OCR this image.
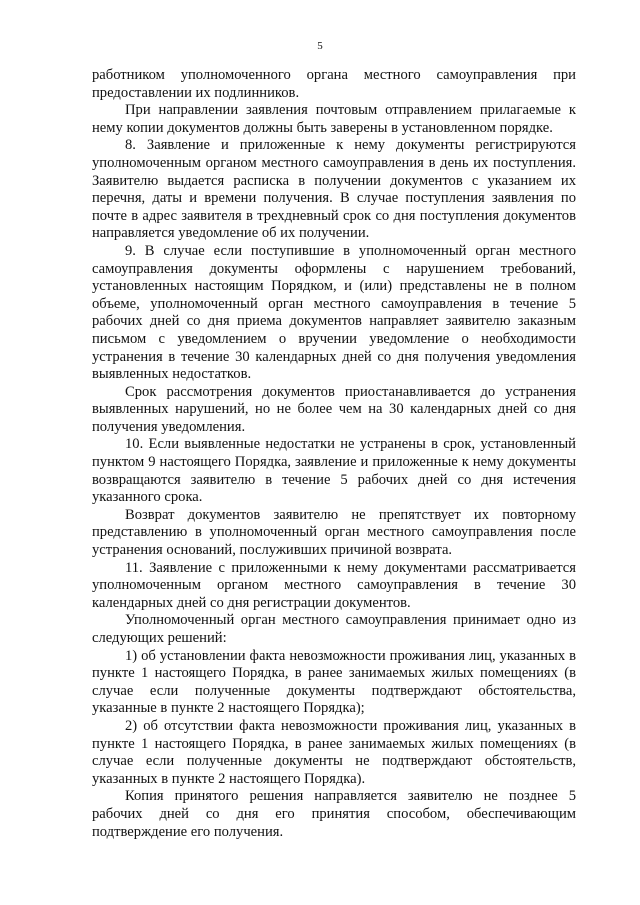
5

работником уполномоченного органа местного самоуправления при предоставлении их подлинников.

При направлении заявления почтовым отправлением прилагаемые к нему копии документов должны быть заверены в установленном порядке.

8. Заявление и приложенные к нему документы регистрируются уполномоченным органом местного самоуправления в день их поступления. Заявителю выдается расписка в получении документов с указанием их перечня, даты и времени получения. В случае поступления заявления по почте в адрес заявителя в трехдневный срок со дня поступления документов направляется уведомление об их получении.

9. В случае если поступившие в уполномоченный орган местного самоуправления документы оформлены с нарушением требований, установленных настоящим Порядком, и (или) представлены не в полном объеме, уполномоченный орган местного самоуправления в течение 5 рабочих дней со дня приема документов направляет заявителю заказным письмом с уведомлением о вручении уведомление о необходимости устранения в течение 30 календарных дней со дня получения уведомления выявленных недостатков.

Срок рассмотрения документов приостанавливается до устранения выявленных нарушений, но не более чем на 30 календарных дней со дня получения уведомления.

10. Если выявленные недостатки не устранены в срок, установленный пунктом 9 настоящего Порядка, заявление и приложенные к нему документы возвращаются заявителю в течение 5 рабочих дней со дня истечения указанного срока.

Возврат документов заявителю не препятствует их повторному представлению в уполномоченный орган местного самоуправления после устранения оснований, послуживших причиной возврата.

11. Заявление с приложенными к нему документами рассматривается уполномоченным органом местного самоуправления в течение 30 календарных дней со дня регистрации документов.

Уполномоченный орган местного самоуправления принимает одно из следующих решений:

1) об установлении факта невозможности проживания лиц, указанных в пункте 1 настоящего Порядка, в ранее занимаемых жилых помещениях (в случае если полученные документы подтверждают обстоятельства, указанные в пункте 2 настоящего Порядка);

2) об отсутствии факта невозможности проживания лиц, указанных в пункте 1 настоящего Порядка, в ранее занимаемых жилых помещениях (в случае если полученные документы не подтверждают обстоятельств, указанных в пункте 2 настоящего Порядка).

Копия принятого решения направляется заявителю не позднее 5 рабочих дней со дня его принятия способом, обеспечивающим подтверждение его получения.
